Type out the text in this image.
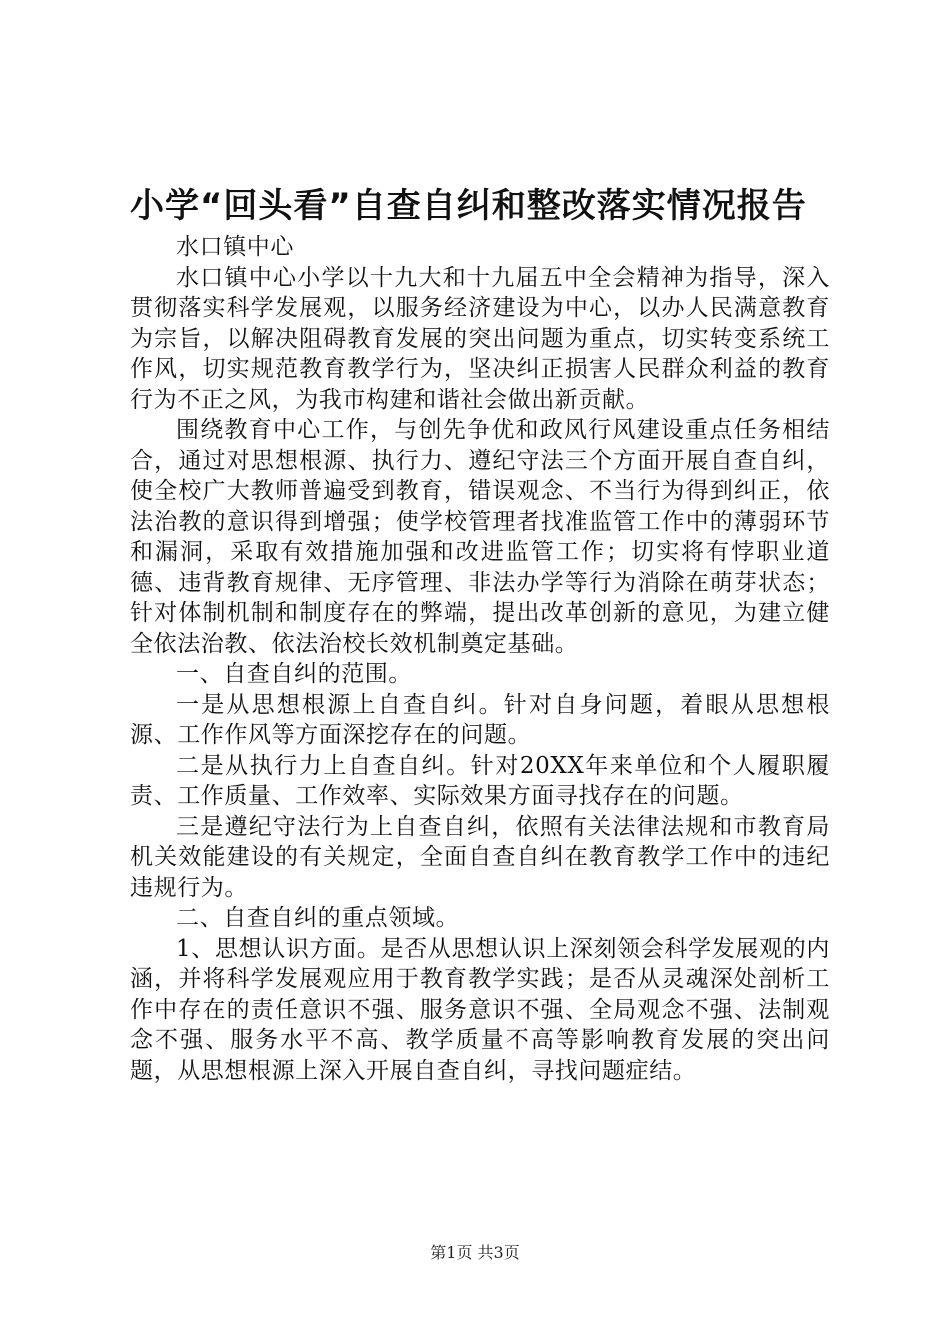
小学“回头看”自查自纠和整改落实情况报告

水口镇中心

水口镇中心小学以十九大和十九届五中全会精神为指导，深入贯彻落实科学发展观，以服务经济建设为中心，以办人民满意教育为宗旨，以解决阻碍教育发展的突出问题为重点，切实转变系统工作风，切实规范教育教学行为，坚决纠正损害人民群众利益的教育行为不正之风，为我市构建和谐社会做出新贡献。

围绕教育中心工作，与创先争优和政风行风建设重点任务相结合，通过对思想根源、执行力、遵纪守法三个方面开展自查自纠，使全校广大教师普遍受到教育，错误观念、不当行为得到纠正，依法治教的意识得到增强；使学校管理者找准监管工作中的薄弱环节和漏洞，采取有效措施加强和改进监管工作；切实将有悖职业道德、违背教育规律、无序管理、非法办学等行为消除在萌芽状态；针对体制机制和制度存在的弊端，提出改革创新的意见，为建立健全依法治教、依法治校长效机制奠定基础。

一、自查自纠的范围。

一是从思想根源上自查自纠。针对自身问题，着眼从思想根源、工作作风等方面深挖存在的问题。

二是从执行力上自查自纠。针对20XX年来单位和个人履职履责、工作质量、工作效率、实际效果方面寻找存在的问题。

三是遵纪守法行为上自查自纠，依照有关法律法规和市教育局机关效能建设的有关规定，全面自查自纠在教育教学工作中的违纪违规行为。

二、自查自纠的重点领域。

1、思想认识方面。是否从思想认识上深刻领会科学发展观的内涵，并将科学发展观应用于教育教学实践；是否从灵魂深处剖析工作中存在的责任意识不强、服务意识不强、全局观念不强、法制观念不强、服务水平不高、教学质量不高等影响教育发展的突出问题，从思想根源上深入开展自查自纠，寻找问题症结。

第1页 共3页
